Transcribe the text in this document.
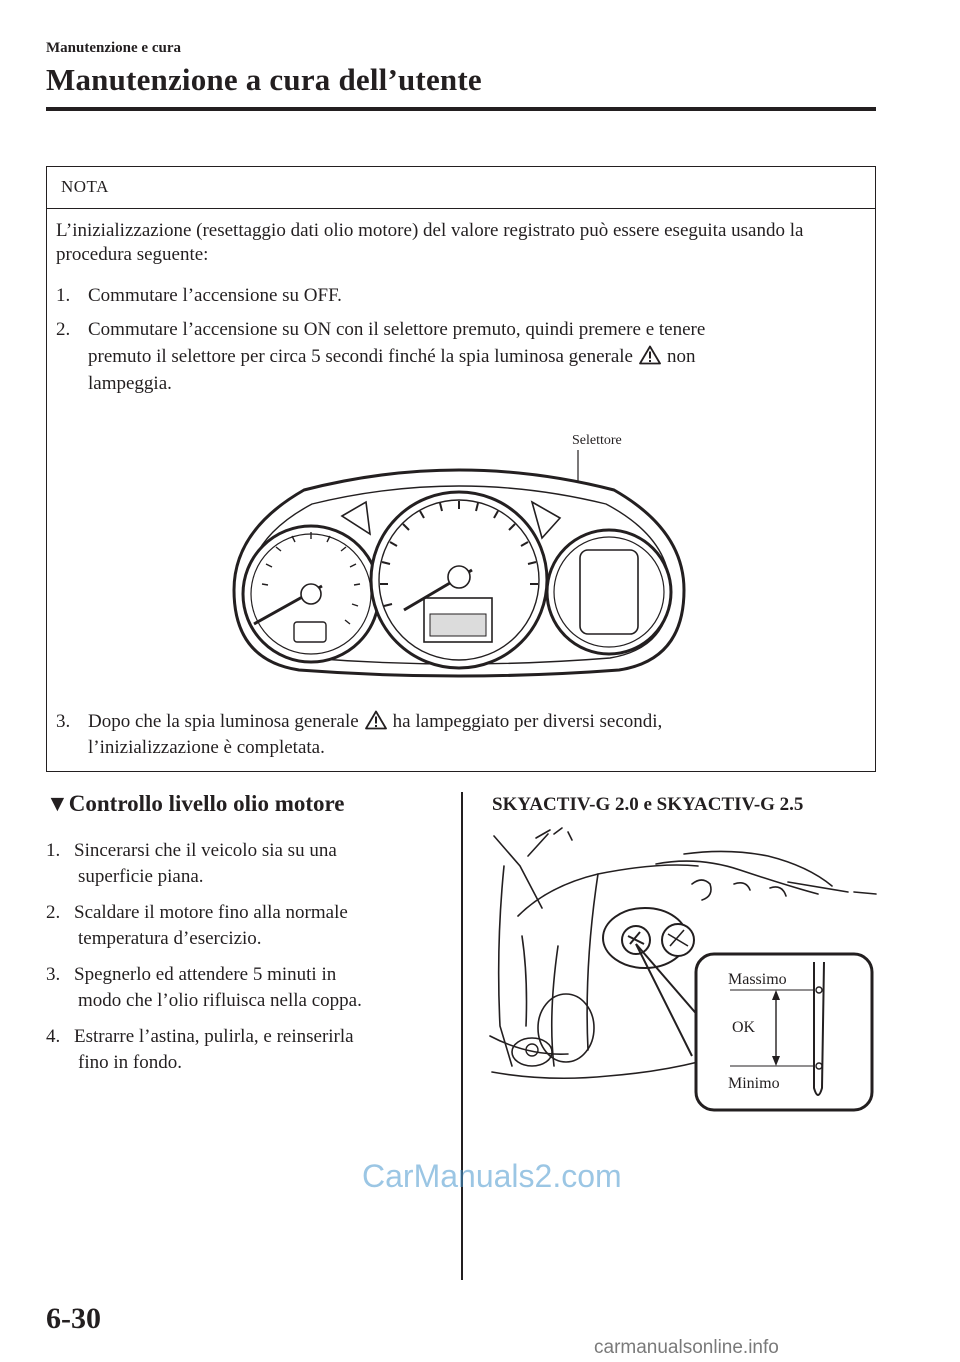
Manutenzione e cura
Manutenzione a cura dell’utente
NOTA
L’inizializzazione (resettaggio dati olio motore) del valore registrato può essere eseguita usando la procedura seguente:
1. Commutare l’accensione su OFF.
2. Commutare l’accensione su ON con il selettore premuto, quindi premere e tenere
premuto il selettore per circa 5 secondi finché la spia luminosa generale non
lampeggia.
3. Dopo che la spia luminosa generale ha lampeggiato per diversi secondi,
l’inizializzazione è completata.
Selettore
▼Controllo livello olio motore
1. Sincerarsi che il veicolo sia su una
superficie piana.
2. Scaldare il motore fino alla normale
temperatura d’esercizio.
3. Spegnerlo ed attendere 5 minuti in
modo che l’olio rifluisca nella coppa.
4. Estrarre l’astina, pulirla, e reinserirla
fino in fondo.
SKYACTIV-G 2.0 e SKYACTIV-G 2.5
Massimo
OK
Minimo
6-30
CarManuals2.com
carmanualsonline.info
